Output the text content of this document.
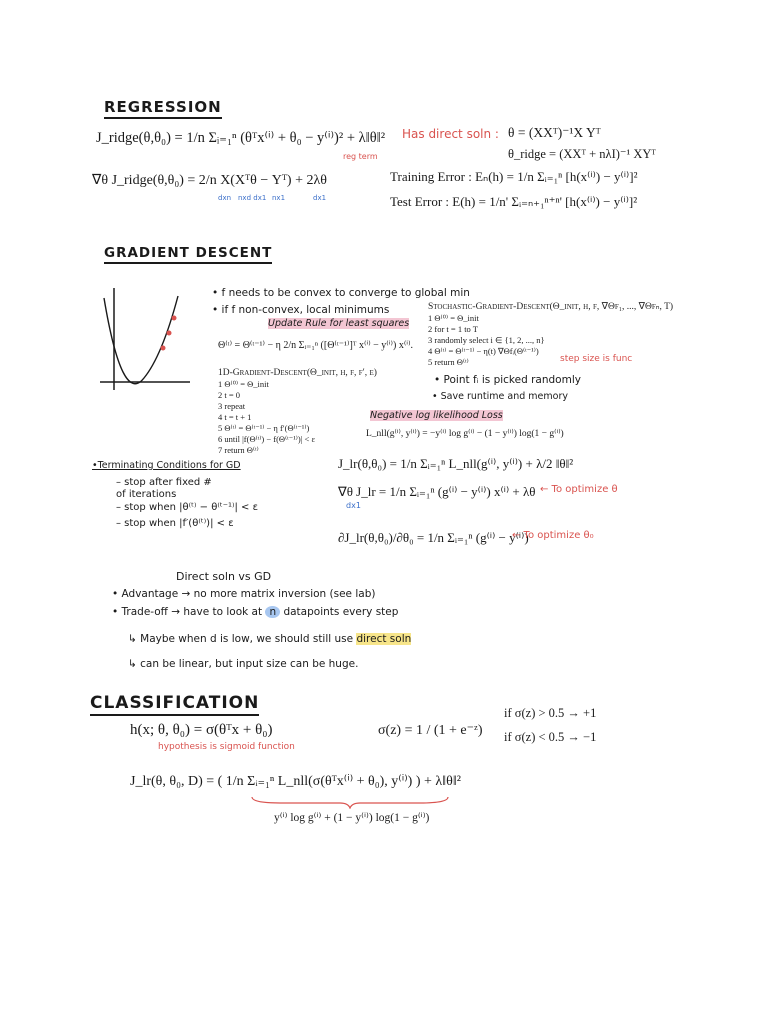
REGRESSION
J_ridge(θ,θ₀) = 1/n Σᵢ₌₁ⁿ (θᵀx⁽ⁱ⁾ + θ₀ − y⁽ⁱ⁾)² + λ‖θ‖²
reg term
Has direct soln : θ = (XXᵀ)⁻¹X Yᵀ
θ_ridge = (XXᵀ + nλI)⁻¹ XYᵀ
∇θ J_ridge(θ,θ₀) = 2/n X(Xᵀθ − Yᵀ) + 2λθ
dxn nxd dx1 nx1	dx1
Training Error : Eₙ(h) = 1/n Σᵢ₌₁ⁿ [h(x⁽ⁱ⁾) − y⁽ⁱ⁾]²
Test Error : E(h) = 1/n' Σᵢ₌ₙ₊₁ⁿ⁺ⁿ' [h(x⁽ⁱ⁾) − y⁽ⁱ⁾]²
GRADIENT DESCENT
• f needs to be convex to converge to global min
• if f non-convex, local minimums
Update Rule for least squares
Θ⁽ᵗ⁾ = Θ⁽ᵗ⁻¹⁾ − η 2/n Σᵢ₌₁ⁿ ([Θ⁽ᵗ⁻¹⁾]ᵀ x⁽ⁱ⁾ − y⁽ⁱ⁾) x⁽ⁱ⁾.
Stochastic-Gradient-Descent(Θ_init, η, f, ∇Θf₁, ..., ∇Θfₙ, T)
1 Θ⁽⁰⁾ = Θ_init
2 for t = 1 to T
3 randomly select i ∈ {1, 2, ..., n}
4 Θ⁽ᵗ⁾ = Θ⁽ᵗ⁻¹⁾ − η(t) ∇Θfᵢ(Θ⁽ᵗ⁻¹⁾)
5 return Θ⁽ᵗ⁾	step size is func
1D-Gradient-Descent(Θ_init, η, f, f′, ε)
1 Θ⁽⁰⁾ = Θ_init
2 t = 0
3 repeat
4 t = t + 1
5 Θ⁽ᵗ⁾ = Θ⁽ᵗ⁻¹⁾ − η f′(Θ⁽ᵗ⁻¹⁾)
6 until |f(Θ⁽ᵗ⁾) − f(Θ⁽ᵗ⁻¹⁾)| < ε
7 return Θ⁽ᵗ⁾
• Point fᵢ is picked randomly
• Save runtime and memory
Negative log likelihood Loss
L_nll(g⁽ⁱ⁾, y⁽ⁱ⁾) = −y⁽ⁱ⁾ log g⁽ⁱ⁾ − (1 − y⁽ⁱ⁾) log(1 − g⁽ⁱ⁾)
•Terminating Conditions for GD
– stop after fixed # of iterations
– stop when |θ⁽ᵗ⁾ − θ⁽ᵗ⁻¹⁾| < ε
– stop when |f′(θ⁽ᵗ⁾)| < ε
J_lr(θ,θ₀) = 1/n Σᵢ₌₁ⁿ L_nll(g⁽ⁱ⁾, y⁽ⁱ⁾) + λ/2 ‖θ‖²
∇θ J_lr = 1/n Σᵢ₌₁ⁿ (g⁽ⁱ⁾ − y⁽ⁱ⁾) x⁽ⁱ⁾ + λθ
dx1
← To optimize θ
∂J_lr(θ,θ₀)/∂θ₀ = 1/n Σᵢ₌₁ⁿ (g⁽ⁱ⁾ − y⁽ⁱ⁾)
← To optimize θ₀
Direct soln vs GD
• Advantage → no more matrix inversion (see lab)
• Trade-off → have to look at n datapoints every step
↳ Maybe when d is low, we should still use direct soln
↳ can be linear, but input size can be huge.
CLASSIFICATION
h(x; θ, θ₀) = σ(θᵀx + θ₀)
hypothesis is sigmoid function
σ(z) = 1 / (1 + e⁻ᶻ)
if σ(z) > 0.5 → +1
if σ(z) < 0.5 → −1
J_lr(θ, θ₀, D) = ( 1/n Σᵢ₌₁ⁿ L_nll(σ(θᵀx⁽ⁱ⁾ + θ₀), y⁽ⁱ⁾) ) + λ‖θ‖²
y⁽ⁱ⁾ log g⁽ⁱ⁾ + (1 − y⁽ⁱ⁾) log(1 − g⁽ⁱ⁾)
